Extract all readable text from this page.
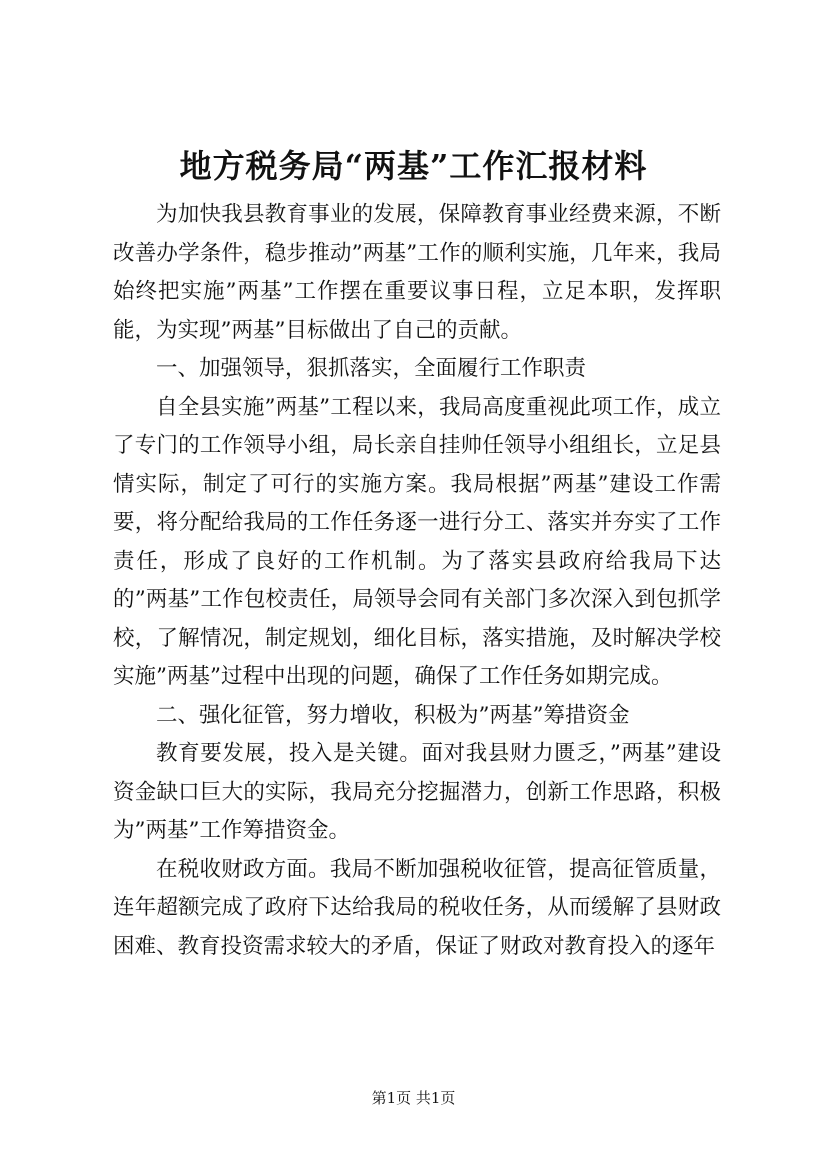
地方税务局“两基”工作汇报材料

为加快我县教育事业的发展，保障教育事业经费来源，不断改善办学条件，稳步推动”两基”工作的顺利实施，几年来，我局始终把实施”两基”工作摆在重要议事日程，立足本职，发挥职能，为实现”两基”目标做出了自己的贡献。

一、加强领导，狠抓落实，全面履行工作职责

自全县实施”两基”工程以来，我局高度重视此项工作，成立了专门的工作领导小组，局长亲自挂帅任领导小组组长，立足县情实际，制定了可行的实施方案。我局根据”两基”建设工作需要，将分配给我局的工作任务逐一进行分工、落实并夯实了工作责任，形成了良好的工作机制。为了落实县政府给我局下达的”两基”工作包校责任，局领导会同有关部门多次深入到包抓学校，了解情况，制定规划，细化目标，落实措施，及时解决学校实施”两基”过程中出现的问题，确保了工作任务如期完成。

二、强化征管，努力增收，积极为”两基”筹措资金

教育要发展，投入是关键。面对我县财力匮乏，”两基”建设资金缺口巨大的实际，我局充分挖掘潜力，创新工作思路，积极为”两基”工作筹措资金。

在税收财政方面。我局不断加强税收征管，提高征管质量，连年超额完成了政府下达给我局的税收任务，从而缓解了县财政困难、教育投资需求较大的矛盾，保证了财政对教育投入的逐年

第1页 共1页
